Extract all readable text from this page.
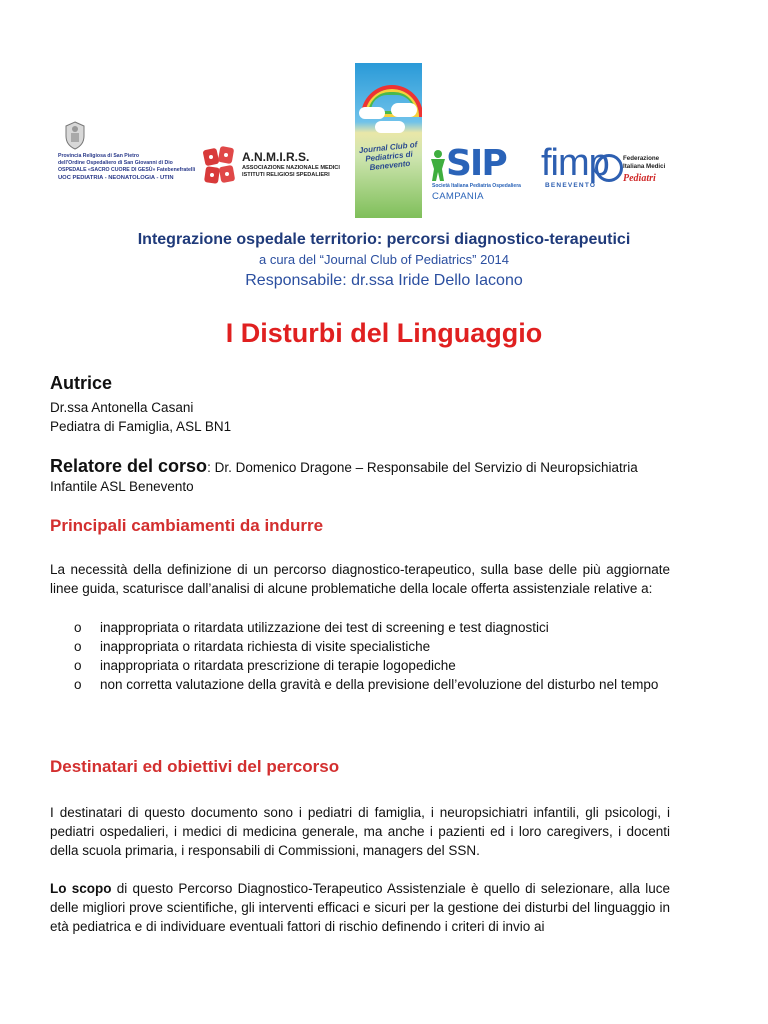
Provincia Religiosa di San Pietro
dell'Ordine Ospedaliero di San Giovanni di Dio
OSPEDALE «SACRO CUORE DI GESÙ» Fatebenefratelli
UOC PEDIATRIA - NEONATOLOGIA - UTIN
A.N.M.I.R.S.
ASSOCIAZIONE NAZIONALE MEDICI
ISTITUTI RELIGIOSI SPEDALIERI
Journal Club of Pediatrics di Benevento SIP
Società Italiana Pediatria Ospedaliera
CAMPANIA
fimp
BENEVENTO
Federazione
Italiana Medici
Pediatri
Integrazione ospedale territorio: percorsi diagnostico-terapeutici
a cura del “Journal Club of Pediatrics” 2014
Responsabile: dr.ssa Iride Dello Iacono
I Disturbi del Linguaggio
Autrice
Dr.ssa Antonella Casani
Pediatra di Famiglia, ASL BN1
Relatore del corso: Dr. Domenico Dragone – Responsabile del Servizio di Neuropsichiatria Infantile ASL Benevento
Principali cambiamenti da indurre
La necessità della definizione di un percorso diagnostico-terapeutico, sulla base delle più aggiornate linee guida, scaturisce dall’analisi di alcune problematiche della locale offerta assistenziale relative a:
o inappropriata o ritardata utilizzazione dei test di screening e test diagnostici
o inappropriata o ritardata richiesta di visite specialistiche
o inappropriata o ritardata prescrizione di terapie logopediche
o non corretta valutazione della gravità e della previsione dell’evoluzione del disturbo nel tempo
Destinatari ed obiettivi del percorso
I destinatari di questo documento sono i pediatri di famiglia, i neuropsichiatri infantili, gli psicologi, i pediatri ospedalieri, i medici di medicina generale, ma anche i pazienti ed i loro caregivers, i docenti della scuola primaria, i responsabili di Commissioni, managers del SSN.
Lo scopo di questo Percorso Diagnostico-Terapeutico Assistenziale è quello di selezionare, alla luce delle migliori prove scientifiche, gli interventi efficaci e sicuri per la gestione dei disturbi del linguaggio in età pediatrica e di individuare eventuali fattori di rischio definendo i criteri di invio ai
